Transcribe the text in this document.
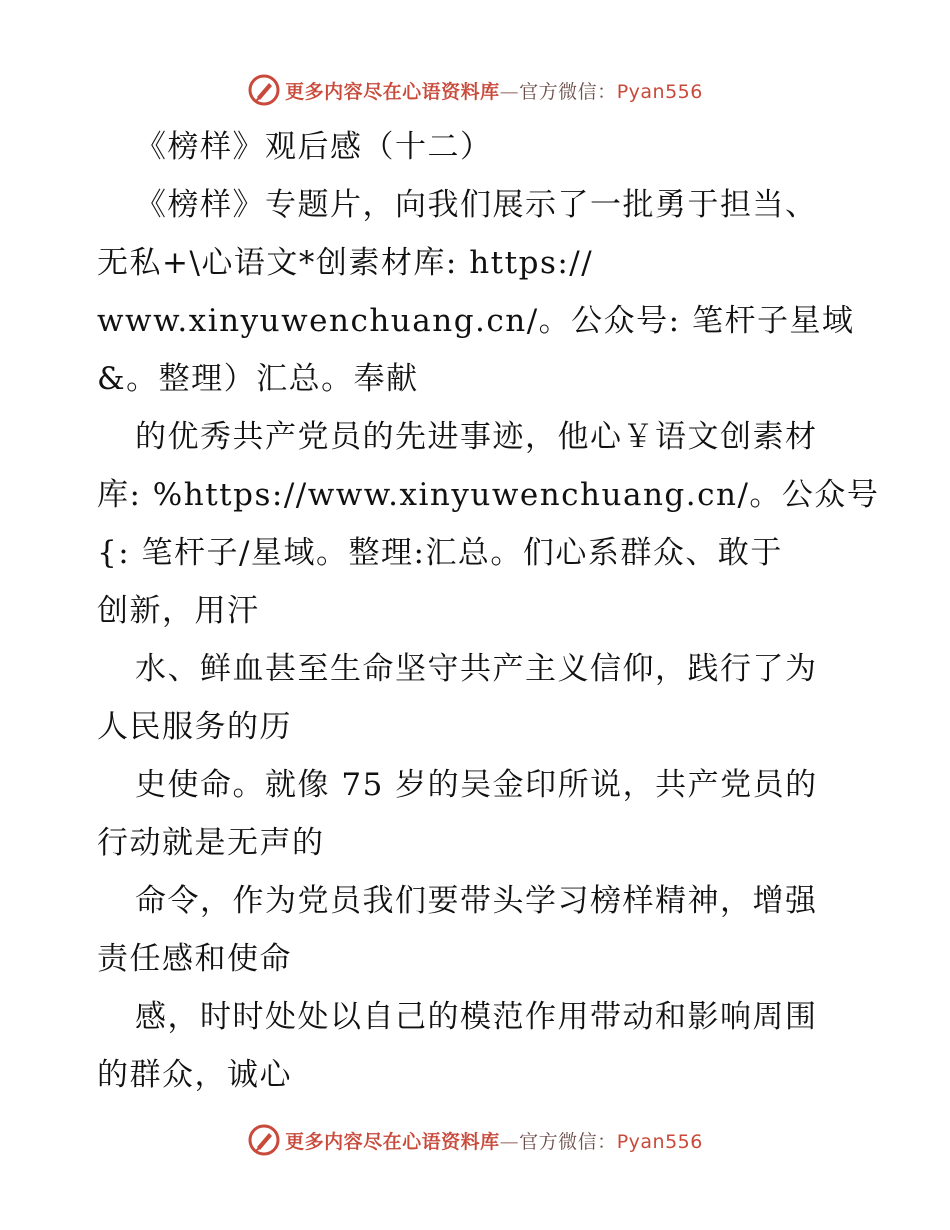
更多内容尽在心语资料库—官方微信：Pyan556
《榜样》观后感（十二）
《榜样》专题片，向我们展示了一批勇于担当、
无私+\心语文*创素材库: https://
www.xinyuwenchuang.cn/。公众号: 笔杆子星域
&。整理）汇总。奉献
的优秀共产党员的先进事迹，他心￥语文创素材
库: %https://www.xinyuwenchuang.cn/。公众号
{: 笔杆子/星域。整理:汇总。们心系群众、敢于
创新，用汗
水、鲜血甚至生命坚守共产主义信仰，践行了为
人民服务的历
史使命。就像 75 岁的吴金印所说，共产党员的
行动就是无声的
命令，作为党员我们要带头学习榜样精神，增强
责任感和使命
感，时时处处以自己的模范作用带动和影响周围
的群众，诚心
更多内容尽在心语资料库—官方微信：Pyan556
